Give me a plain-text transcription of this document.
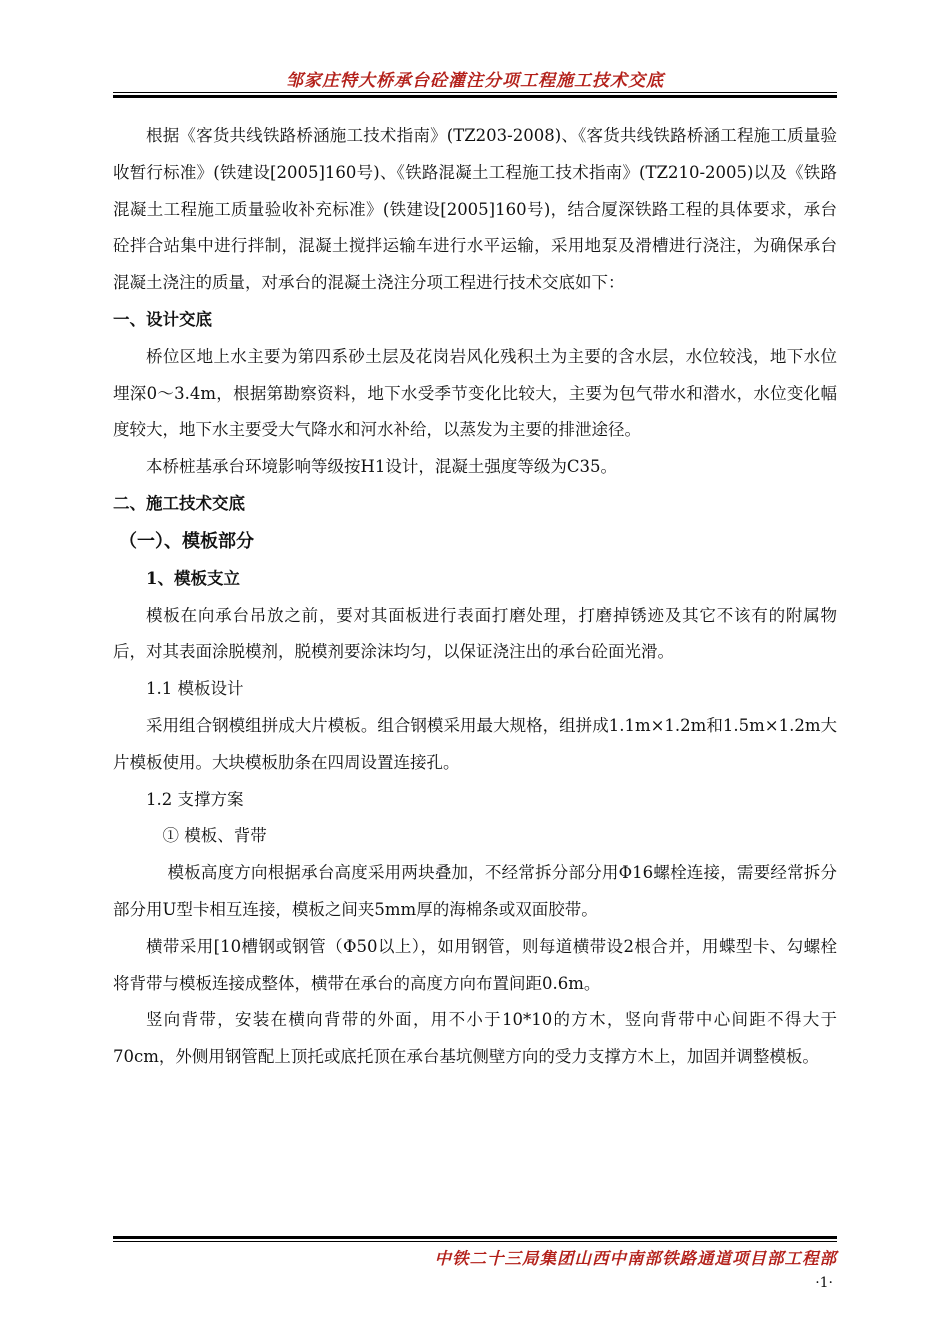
邹家庄特大桥承台砼灌注分项工程施工技术交底

根据《客货共线铁路桥涵施工技术指南》(TZ203-2008)、《客货共线铁路桥涵工程施工质量验收暂行标准》(铁建设[2005]160号)、《铁路混凝土工程施工技术指南》(TZ210-2005)以及《铁路混凝土工程施工质量验收补充标准》(铁建设[2005]160号)，结合厦深铁路工程的具体要求，承台砼拌合站集中进行拌制，混凝土搅拌运输车进行水平运输，采用地泵及滑槽进行浇注，为确保承台混凝土浇注的质量，对承台的混凝土浇注分项工程进行技术交底如下：

一、设计交底

桥位区地上水主要为第四系砂土层及花岗岩风化残积土为主要的含水层，水位较浅，地下水位埋深0～3.4m，根据第勘察资料，地下水受季节变化比较大，主要为包气带水和潜水，水位变化幅度较大，地下水主要受大气降水和河水补给，以蒸发为主要的排泄途径。

本桥桩基承台环境影响等级按H1设计，混凝土强度等级为C35。

二、施工技术交底
（一）、模板部分
1、模板支立

模板在向承台吊放之前，要对其面板进行表面打磨处理，打磨掉锈迹及其它不该有的附属物后，对其表面涂脱模剂，脱模剂要涂沫均匀，以保证浇注出的承台砼面光滑。

1.1 模板设计

采用组合钢模组拼成大片模板。组合钢模采用最大规格，组拼成1.1m×1.2m和1.5m×1.2m大片模板使用。大块模板肋条在四周设置连接孔。

1.2 支撑方案

① 模板、背带

模板高度方向根据承台高度采用两块叠加，不经常拆分部分用Φ16螺栓连接，需要经常拆分部分用U型卡相互连接，模板之间夹5mm厚的海棉条或双面胶带。

横带采用[10槽钢或钢管（Φ50以上），如用钢管，则每道横带设2根合并，用蝶型卡、勾螺栓将背带与模板连接成整体，横带在承台的高度方向布置间距0.6m。

竖向背带，安装在横向背带的外面，用不小于10*10的方木，竖向背带中心间距不得大于70cm，外侧用钢管配上顶托或底托顶在承台基坑侧壁方向的受力支撑方木上，加固并调整模板。

中铁二十三局集团山西中南部铁路通道项目部工程部
·1·
